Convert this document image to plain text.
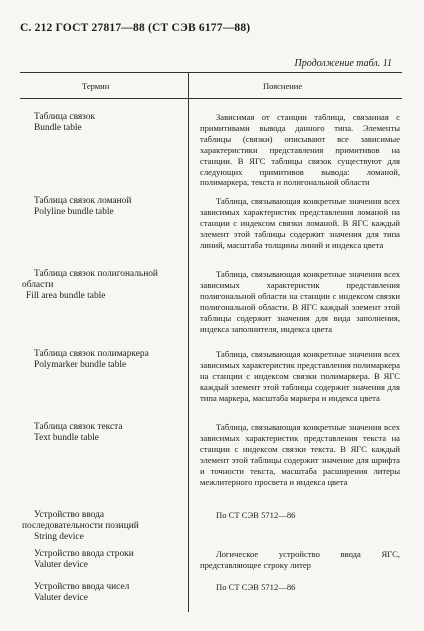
С. 212 ГОСТ 27817—88 (СТ СЭВ 6177—88)
Продолжение табл. 11
Термин	Пояснение
Таблица связок
Bundle table
Зависимая от станции таблица, связанная с примитивами вывода данного типа. Элементы таблицы (связки) описывают все зависимые характеристики представления примитивов на станции. В ЯГС таблицы связок существуют для следующих примитивов вывода: ломаной, полимаркера, текста и полигональной области
Таблица связок ломаной
Polyline bundle table
Таблица, связывающая конкретные значения всех зависимых характеристик представления ломаной на станции с индексом связки ломаной. В ЯГС каждый элемент этой таблицы содержит значения для типа линий, масштаба толщины линий и индекса цвета
Таблица связок полигональной области
Fill area bundle table
Таблица, связывающая конкретные значения всех зависимых характеристик представления полигональной области на станции с индексом связки полигональной области. В ЯГС каждый элемент этой таблицы содержит значения для вида заполнения, индекса заполнителя, индекса цвета
Таблица связок полимаркера
Polymarker bundle table
Таблица, связывающая конкретные значения всех зависимых характеристик представления полимаркера на станции с индексом связки полимаркера. В ЯГС каждый элемент этой таблицы содержит значения для типа маркера, масштаба маркера и индекса цвета
Таблица связок текста
Text bundle table
Таблица, связывающая конкретные значения всех зависимых характеристик представления текста на станции с индексом связки текста. В ЯГС каждый элемент этой таблицы содержит значение для шрифта и точности текста, масштаба расширения литеры межлитерного просвета и индекса цвета
Устройство ввода последовательности позиций
String device
По СТ СЭВ 5712—86
Устройство ввода строки
Valuter device
Логическое устройство ввода ЯГС, представляющее строку литер
Устройство ввода чисел
Valuter device
По СТ СЭВ 5712—86
